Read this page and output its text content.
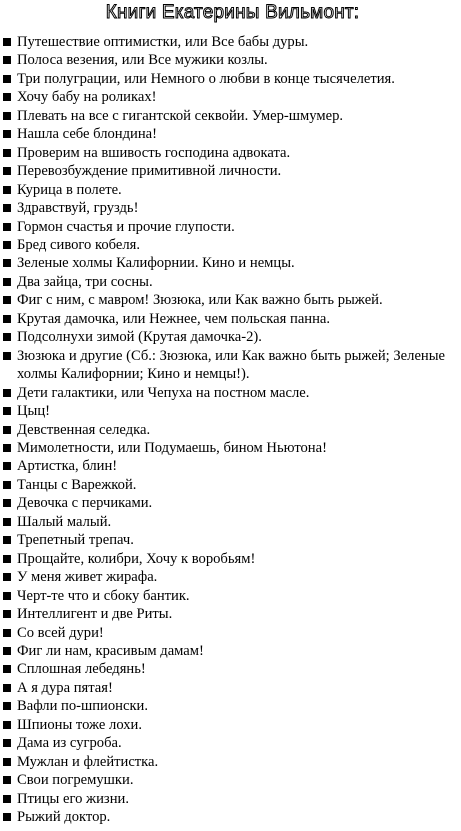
Книги Екатерины Вильмонт:
Путешествие оптимистки, или Все бабы дуры.
Полоса везения, или Все мужики козлы.
Три полуграции, или Немного о любви в конце тысячелетия.
Хочу бабу на роликах!
Плевать на все с гигантской секвойи. Умер-шмумер.
Нашла себе блондина!
Проверим на вшивость господина адвоката.
Перевозбуждение примитивной личности.
Курица в полете.
Здравствуй, груздь!
Гормон счастья и прочие глупости.
Бред сивого кобеля.
Зеленые холмы Калифорнии. Кино и немцы.
Два зайца, три сосны.
Фиг с ним, с мавром! Зюзюка, или Как важно быть рыжей.
Крутая дамочка, или Нежнее, чем польская панна.
Подсолнухи зимой (Крутая дамочка-2).
Зюзюка и другие (Сб.: Зюзюка, или Как важно быть рыжей; Зеленые холмы Калифорнии; Кино и немцы!).
Дети галактики, или Чепуха на постном масле.
Цыц!
Девственная селедка.
Мимолетности, или Подумаешь, бином Ньютона!
Артистка, блин!
Танцы с Варежкой.
Девочка с перчиками.
Шалый малый.
Трепетный трепач.
Прощайте, колибри, Хочу к воробьям!
У меня живет жирафа.
Черт-те что и сбоку бантик.
Интеллигент и две Риты.
Со всей дури!
Фиг ли нам, красивым дамам!
Сплошная лебедянь!
А я дура пятая!
Вафли по-шпионски.
Шпионы тоже лохи.
Дама из сугроба.
Мужлан и флейтистка.
Свои погремушки.
Птицы его жизни.
Рыжий доктор.
